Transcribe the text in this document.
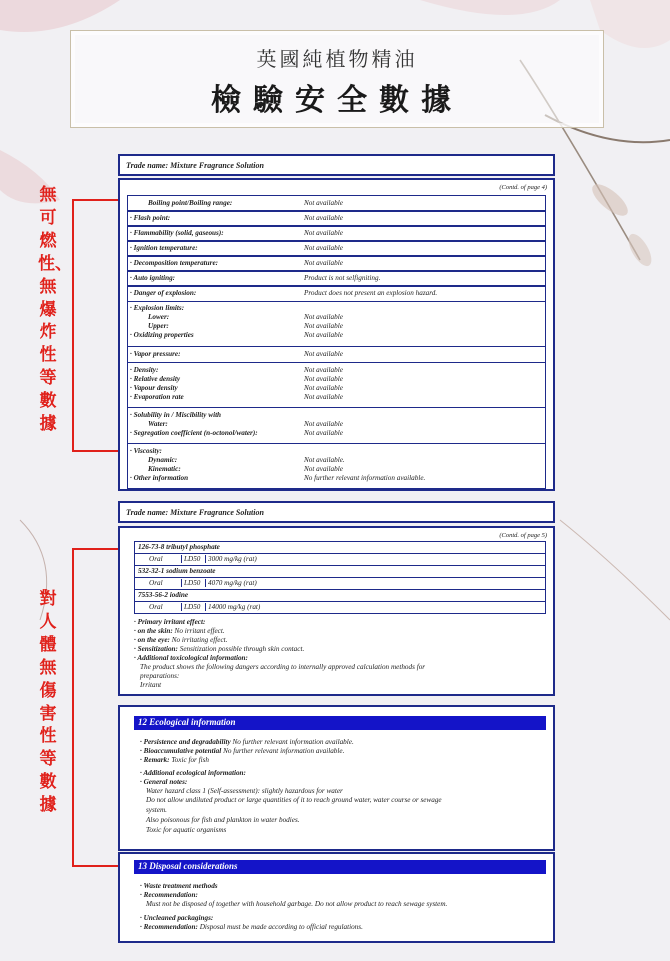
英國純植物精油
檢驗安全數據
無可燃性、無爆炸性等數據
對人體無傷害性等數據
Trade name: Mixture Fragrance Solution
(Contd. of page 4)
Boiling point/Boiling range:	Not available
· Flash point:	Not available
· Flammability (solid, gaseous):	Not available
· Ignition temperature:	Not available
· Decomposition temperature:	Not available
· Auto igniting:	Product is not selfigniting.
· Danger of explosion:	Product does not present an explosion hazard.
· Explosion limits:
Lower:	Not available
Upper:	Not available
· Oxidizing properties	Not available
· Vapor pressure:	Not available
· Density:	Not available
· Relative density	Not available
· Vapour density	Not available
· Evaporation rate	Not available
· Solubility in / Miscibility with
Water:	Not available
· Segregation coefficient (n-octonol/water):	Not available
· Viscosity:
Dynamic:	Not available.
Kinematic:	Not available
· Other information	No further relevant information available.
Trade name: Mixture Fragrance Solution
(Contd. of page 5)
126-73-8 tributyl phosphate
Oral	LD50	3000 mg/kg (rat)
532-32-1 sodium benzoate
Oral	LD50	4070 mg/kg (rat)
7553-56-2 iodine
Oral	LD50	14000 mg/kg (rat)
· Primary irritant effect:
· on the skin: No irritant effect.
· on the eye: No irritating effect.
· Sensitization: Sensitization possible through skin contact.
· Additional toxicological information:
The product shows the following dangers according to internally approved calculation methods for
preparations:
Irritant
12 Ecological information
· Persistence and degradability No further relevant information available.
· Bioaccumulative potential No further relevant information available.
· Remark: Toxic for fish
· Additional ecological information:
· General notes:
Water hazard class 1 (Self-assessment): slightly hazardous for water
Do not allow undiluted product or large quantities of it to reach ground water, water course or sewage
system.
Also poisonous for fish and plankton in water bodies.
Toxic for aquatic organisms
13 Disposal considerations
· Waste treatment methods
· Recommendation:
Must not be disposed of together with household garbage. Do not allow product to reach sewage system.
· Uncleaned packagings:
· Recommendation: Disposal must be made according to official regulations.
